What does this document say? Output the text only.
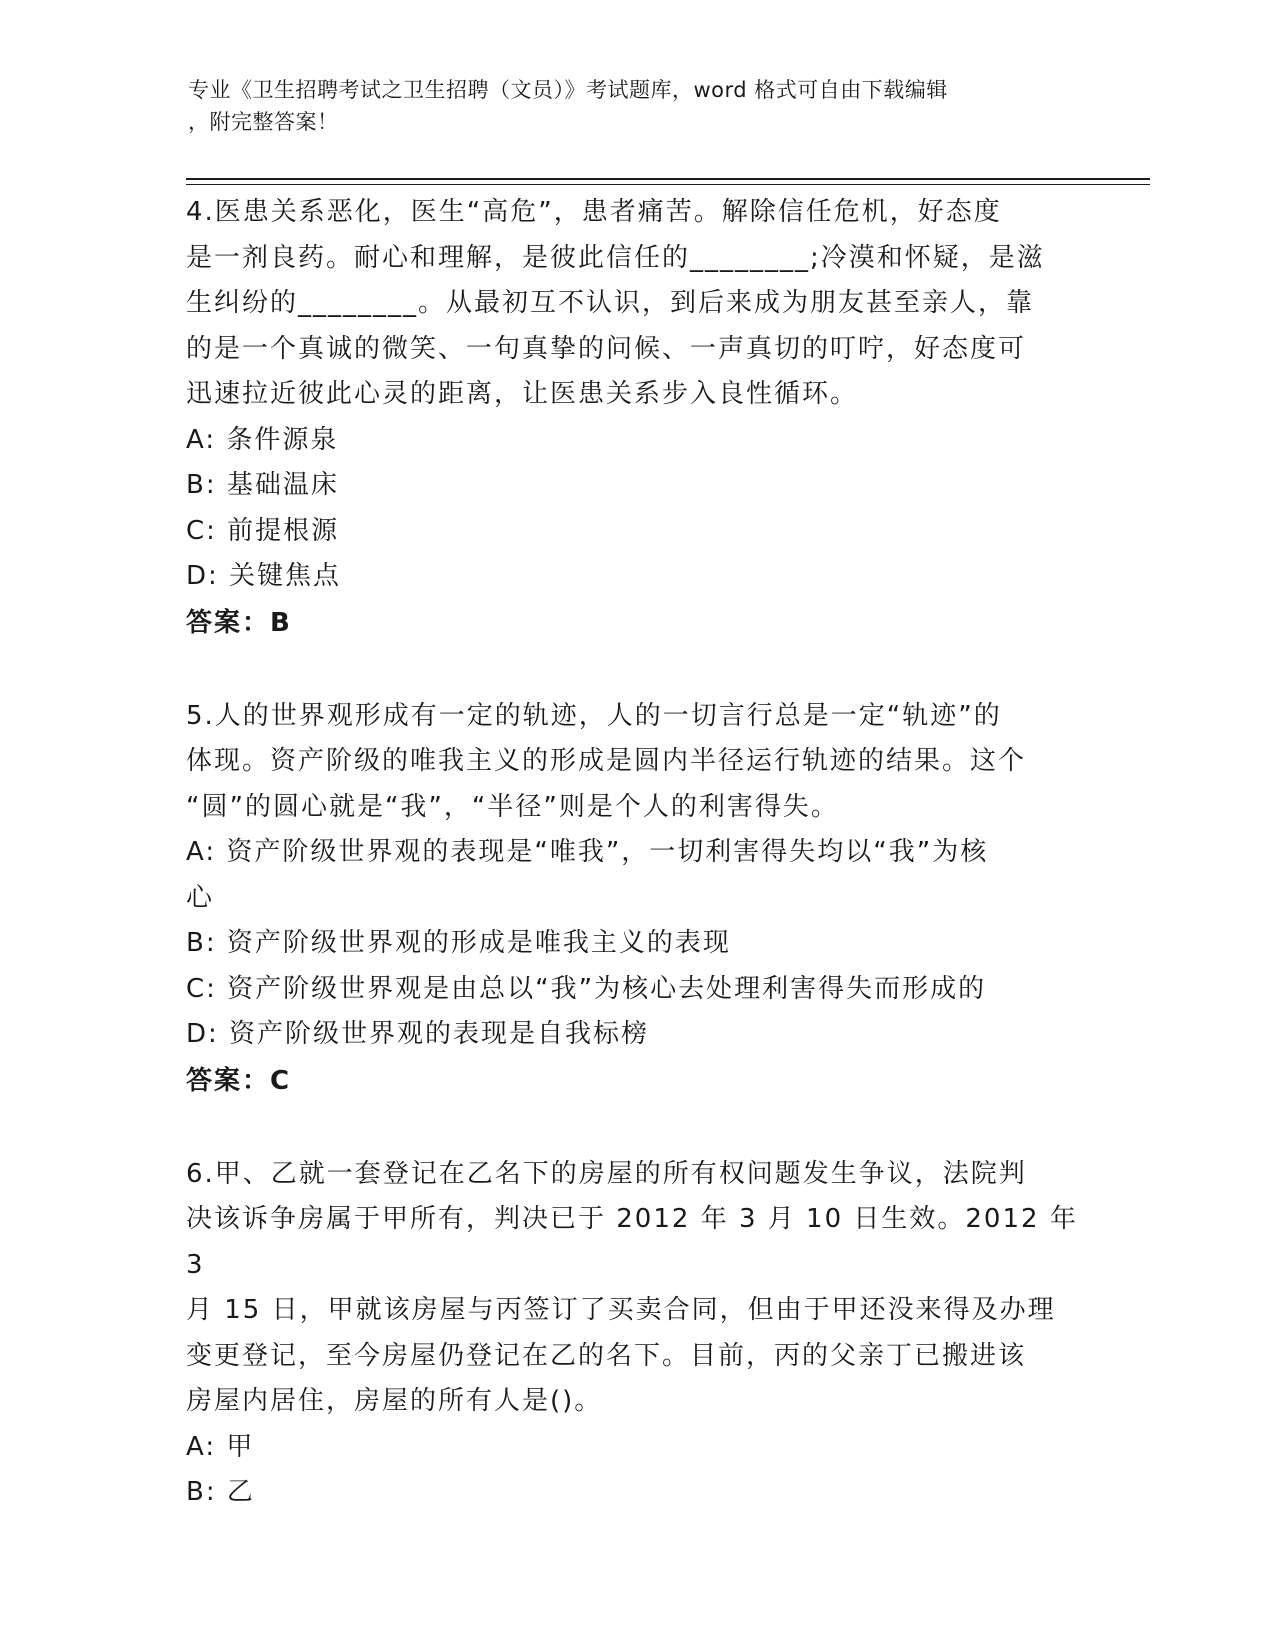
专业《卫生招聘考试之卫生招聘（文员）》考试题库，word 格式可自由下载编辑
，附完整答案！
4.医患关系恶化，医生“高危”，患者痛苦。解除信任危机，好态度
是一剂良药。耐心和理解，是彼此信任的________;冷漠和怀疑，是滋
生纠纷的________。从最初互不认识，到后来成为朋友甚至亲人，靠
的是一个真诚的微笑、一句真挚的问候、一声真切的叮咛，好态度可
迅速拉近彼此心灵的距离，让医患关系步入良性循环。
A: 条件源泉
B: 基础温床
C: 前提根源
D: 关键焦点
答案：B
5.人的世界观形成有一定的轨迹，人的一切言行总是一定“轨迹”的
体现。资产阶级的唯我主义的形成是圆内半径运行轨迹的结果。这个
“圆”的圆心就是“我”，“半径”则是个人的利害得失。
A: 资产阶级世界观的表现是“唯我”，一切利害得失均以“我”为核
心
B: 资产阶级世界观的形成是唯我主义的表现
C: 资产阶级世界观是由总以“我”为核心去处理利害得失而形成的
D: 资产阶级世界观的表现是自我标榜
答案：C
6.甲、乙就一套登记在乙名下的房屋的所有权问题发生争议，法院判
决该诉争房属于甲所有，判决已于 2012 年 3 月 10 日生效。2012 年 3
月 15 日，甲就该房屋与丙签订了买卖合同，但由于甲还没来得及办理
变更登记，至今房屋仍登记在乙的名下。目前，丙的父亲丁已搬进该
房屋内居住，房屋的所有人是()。
A: 甲
B: 乙
